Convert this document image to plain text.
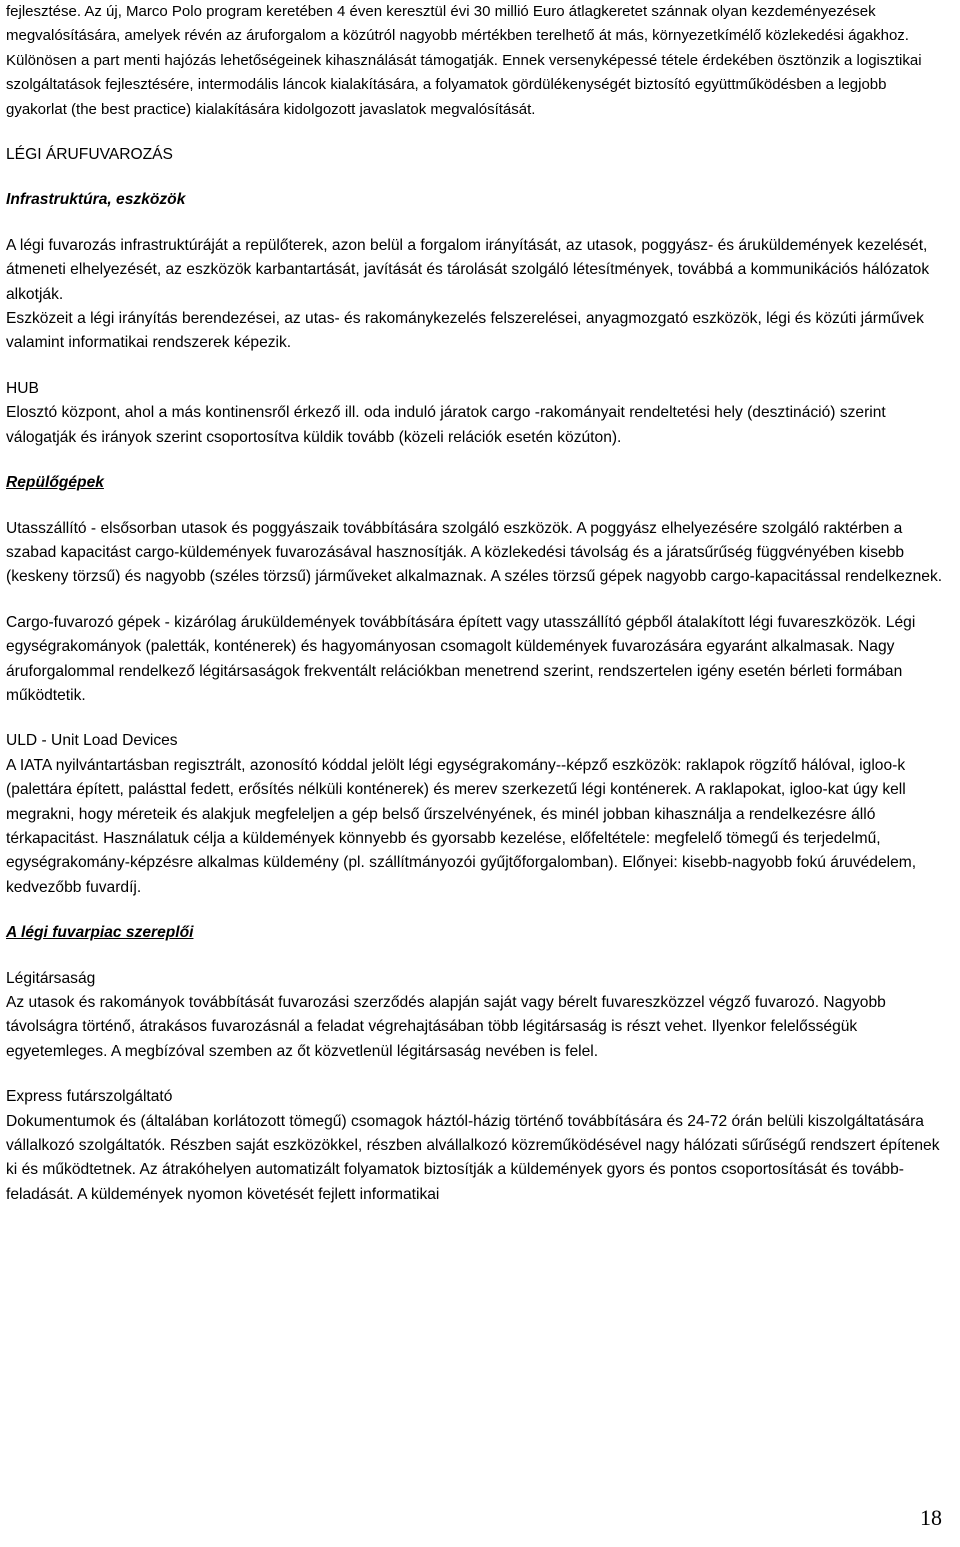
fejlesztése. Az új, Marco Polo program keretében 4 éven keresztül évi 30 millió Euro átlagkeretet szánnak olyan kezdeményezések megvalósítására, amelyek révén az áruforgalom a közútról nagyobb mértékben terelhető át más, környezetkímélő közlekedési ágakhoz. Különösen a part menti hajózás lehetőségeinek kihasználását támogatják. Ennek versenyképessé tétele érdekében ösztönzik a logisztikai szolgáltatások fejlesztésére, intermodális láncok kialakítására, a folyamatok gördülékenységét biztosító együttműködésben a legjobb gyakorlat (the best practice) kialakítására kidolgozott javaslatok megvalósítását.

LÉGI ÁRUFUVAROZÁS

Infrastruktúra, eszközök

A légi fuvarozás infrastruktúráját a repülőterek, azon belül a forgalom irányítását, az utasok, poggyász- és áruküldemények kezelését, átmeneti elhelyezését, az eszközök karbantartását, javítását és tárolását szolgáló létesítmények, továbbá a kommunikációs hálózatok alkotják.

Eszközeit a légi irányítás berendezései, az utas- és rakománykezelés felszerelései, anyagmozgató eszközök, légi és közúti járművek valamint informatikai rendszerek képezik.

HUB

Elosztó központ, ahol a más kontinensről érkező ill. oda induló járatok cargo -rakományait rendeltetési hely (desztináció) szerint válogatják és irányok szerint csoportosítva küldik tovább (közeli relációk esetén közúton).

Repülőgépek

Utasszállító - elsősorban utasok és poggyászaik továbbítására szolgáló eszközök. A poggyász elhelyezésére szolgáló raktérben a szabad kapacitást cargo-küldemények fuvarozásával hasznosítják. A közlekedési távolság és a járatsűrűség függvényében kisebb (keskeny törzsű) és nagyobb (széles törzsű) járműveket alkalmaznak. A széles törzsű gépek nagyobb cargo-kapacitással rendelkeznek.

Cargo-fuvarozó gépek - kizárólag áruküldemények továbbítására épített vagy utasszállító gépből átalakított légi fuvareszközök. Légi egységrakományok (paletták, konténerek) és hagyományosan csomagolt küldemények fuvarozására egyaránt alkalmasak. Nagy áruforgalommal rendelkező légitársaságok frekventált relációkban menetrend szerint, rendszertelen igény esetén bérleti formában működtetik.

ULD - Unit Load Devices

A IATA nyilvántartásban regisztrált, azonosító kóddal jelölt légi egységrakomány--képző eszközök: raklapok rögzítő hálóval, igloo-k (palettára épített, palásttal fedett, erősítés nélküli konténerek) és merev szerkezetű légi konténerek. A raklapokat, igloo-kat úgy kell megrakni, hogy méreteik és alakjuk megfeleljen a gép belső űrszelvényének, és minél jobban kihasználja a rendelkezésre álló térkapacitást. Használatuk célja a küldemények könnyebb és gyorsabb kezelése, előfeltétele: megfelelő tömegű és terjedelmű, egységrakomány-képzésre alkalmas küldemény (pl. szállítmányozói gyűjtőforgalomban). Előnyei: kisebb-nagyobb fokú áruvédelem, kedvezőbb fuvardíj.

A légi fuvarpiac szereplői

Légitársaság

Az utasok és rakományok továbbítását fuvarozási szerződés alapján saját vagy bérelt fuvareszközzel végző fuvarozó. Nagyobb távolságra történő, átrakásos fuvarozásnál a feladat végrehajtásában több légitársaság is részt vehet. Ilyenkor felelősségük egyetemleges. A megbízóval szemben az őt közvetlenül légitársaság nevében is felel.

Express futárszolgáltató

Dokumentumok és (általában korlátozott tömegű) csomagok háztól-házig történő továbbítására és 24-72 órán belüli kiszolgáltatására vállalkozó szolgáltatók. Részben saját eszközökkel, részben alvállalkozó közreműködésével nagy hálózati sűrűségű rendszert építenek ki és működtetnek. Az átrakóhelyen automatizált folyamatok biztosítják a küldemények gyors és pontos csoportosítását és tovább-feladását. A küldemények nyomon követését fejlett informatikai

18
